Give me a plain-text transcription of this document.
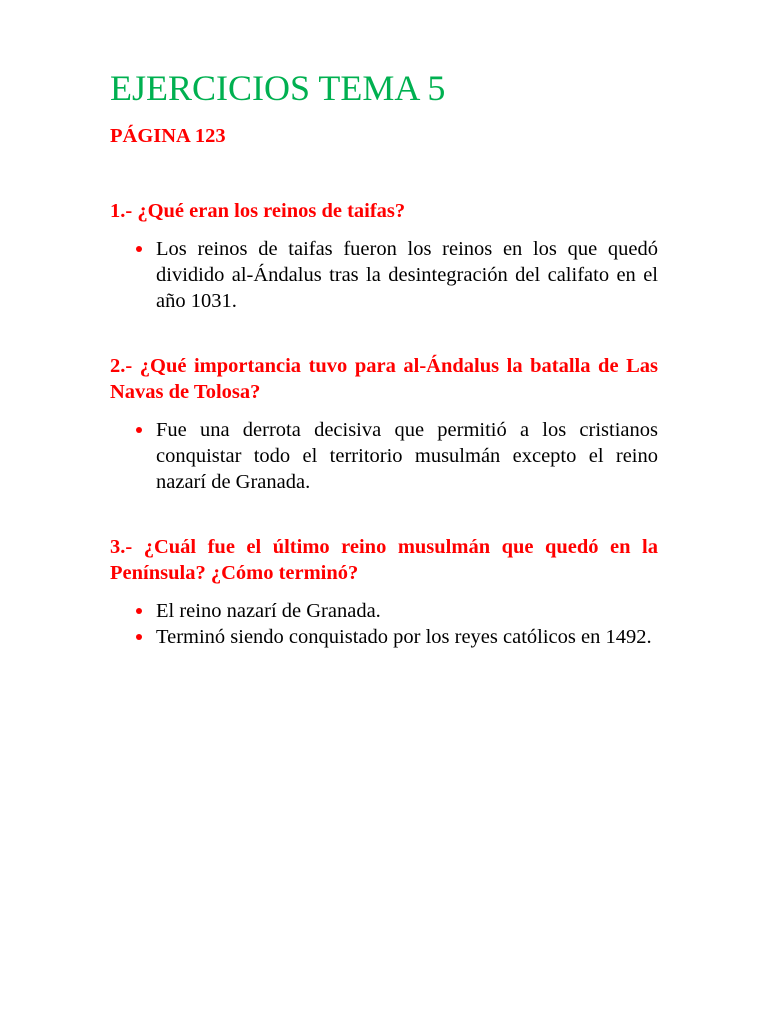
EJERCICIOS TEMA 5

PÁGINA 123

1.- ¿Qué eran los reinos de taifas?

Los reinos de taifas fueron los reinos en los que quedó dividido al-Ándalus tras la desintegración del califato en el año 1031.

2.- ¿Qué importancia tuvo para al-Ándalus la batalla de Las Navas de Tolosa?

Fue una derrota decisiva que permitió a los cristianos conquistar todo el territorio musulmán excepto el reino nazarí de Granada.

3.- ¿Cuál fue el último reino musulmán que quedó en la Península? ¿Cómo terminó?

El reino nazarí de Granada.
Terminó siendo conquistado por los reyes católicos en 1492.
